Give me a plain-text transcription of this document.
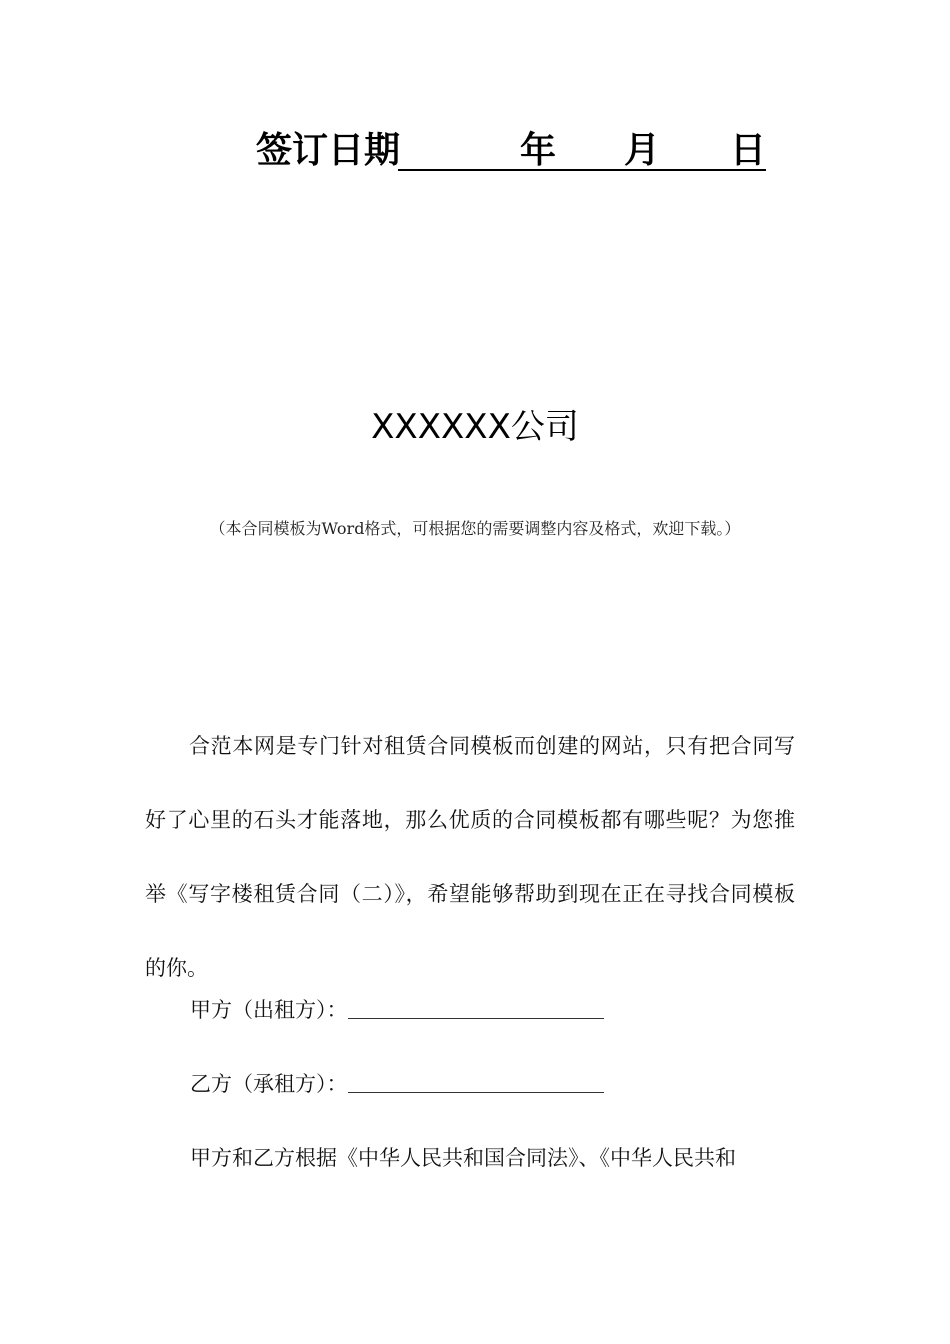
签订日期	年 月 日
XXXXXX公司
（本合同模板为Word格式，可根据您的需要调整内容及格式，欢迎下载。）

合范本网是专门针对租赁合同模板而创建的网站，只有把合同写好了心里的石头才能落地，那么优质的合同模板都有哪些呢？为您推举《写字楼租赁合同（二）》，希望能够帮助到现在正在寻找合同模板的你。

甲方（出租方）：
乙方（承租方）：
甲方和乙方根据《中华人民共和国合同法》、《中华人民共和
